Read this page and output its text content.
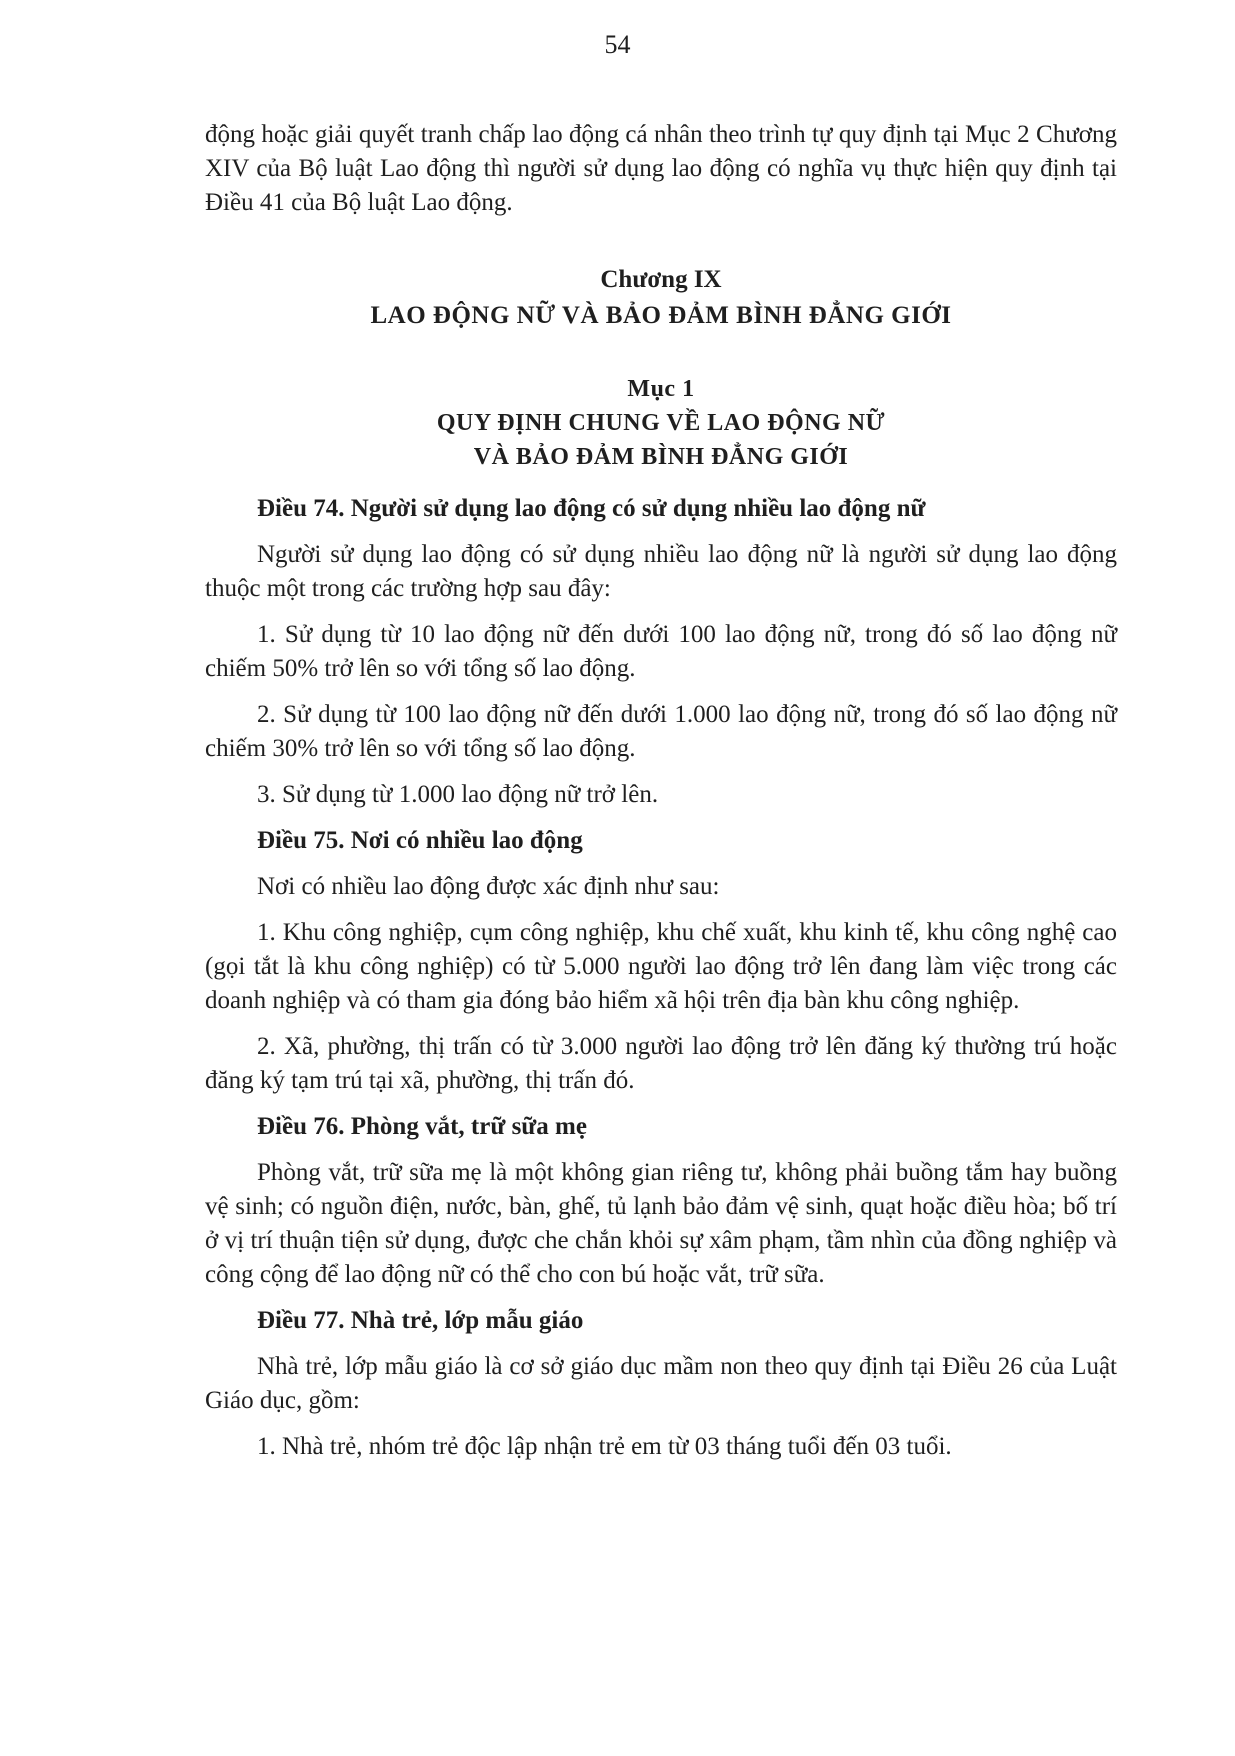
54

động hoặc giải quyết tranh chấp lao động cá nhân theo trình tự quy định tại Mục 2 Chương XIV của Bộ luật Lao động thì người sử dụng lao động có nghĩa vụ thực hiện quy định tại Điều 41 của Bộ luật Lao động.

Chương IX

LAO ĐỘNG NỮ VÀ BẢO ĐẢM BÌNH ĐẲNG GIỚI

Mục 1

QUY ĐỊNH CHUNG VỀ LAO ĐỘNG NỮ

VÀ BẢO ĐẢM BÌNH ĐẲNG GIỚI

Điều 74. Người sử dụng lao động có sử dụng nhiều lao động nữ

Người sử dụng lao động có sử dụng nhiều lao động nữ là người sử dụng lao động thuộc một trong các trường hợp sau đây:

1. Sử dụng từ 10 lao động nữ đến dưới 100 lao động nữ, trong đó số lao động nữ chiếm 50% trở lên so với tổng số lao động.

2. Sử dụng từ 100 lao động nữ đến dưới 1.000 lao động nữ, trong đó số lao động nữ chiếm 30% trở lên so với tổng số lao động.

3. Sử dụng từ 1.000 lao động nữ trở lên.

Điều 75. Nơi có nhiều lao động

Nơi có nhiều lao động được xác định như sau:

1. Khu công nghiệp, cụm công nghiệp, khu chế xuất, khu kinh tế, khu công nghệ cao (gọi tắt là khu công nghiệp) có từ 5.000 người lao động trở lên đang làm việc trong các doanh nghiệp và có tham gia đóng bảo hiểm xã hội trên địa bàn khu công nghiệp.

2. Xã, phường, thị trấn có từ 3.000 người lao động trở lên đăng ký thường trú hoặc đăng ký tạm trú tại xã, phường, thị trấn đó.

Điều 76. Phòng vắt, trữ sữa mẹ

Phòng vắt, trữ sữa mẹ là một không gian riêng tư, không phải buồng tắm hay buồng vệ sinh; có nguồn điện, nước, bàn, ghế, tủ lạnh bảo đảm vệ sinh, quạt hoặc điều hòa; bố trí ở vị trí thuận tiện sử dụng, được che chắn khỏi sự xâm phạm, tầm nhìn của đồng nghiệp và công cộng để lao động nữ có thể cho con bú hoặc vắt, trữ sữa.

Điều 77. Nhà trẻ, lớp mẫu giáo

Nhà trẻ, lớp mẫu giáo là cơ sở giáo dục mầm non theo quy định tại Điều 26 của Luật Giáo dục, gồm:

1. Nhà trẻ, nhóm trẻ độc lập nhận trẻ em từ 03 tháng tuổi đến 03 tuổi.
